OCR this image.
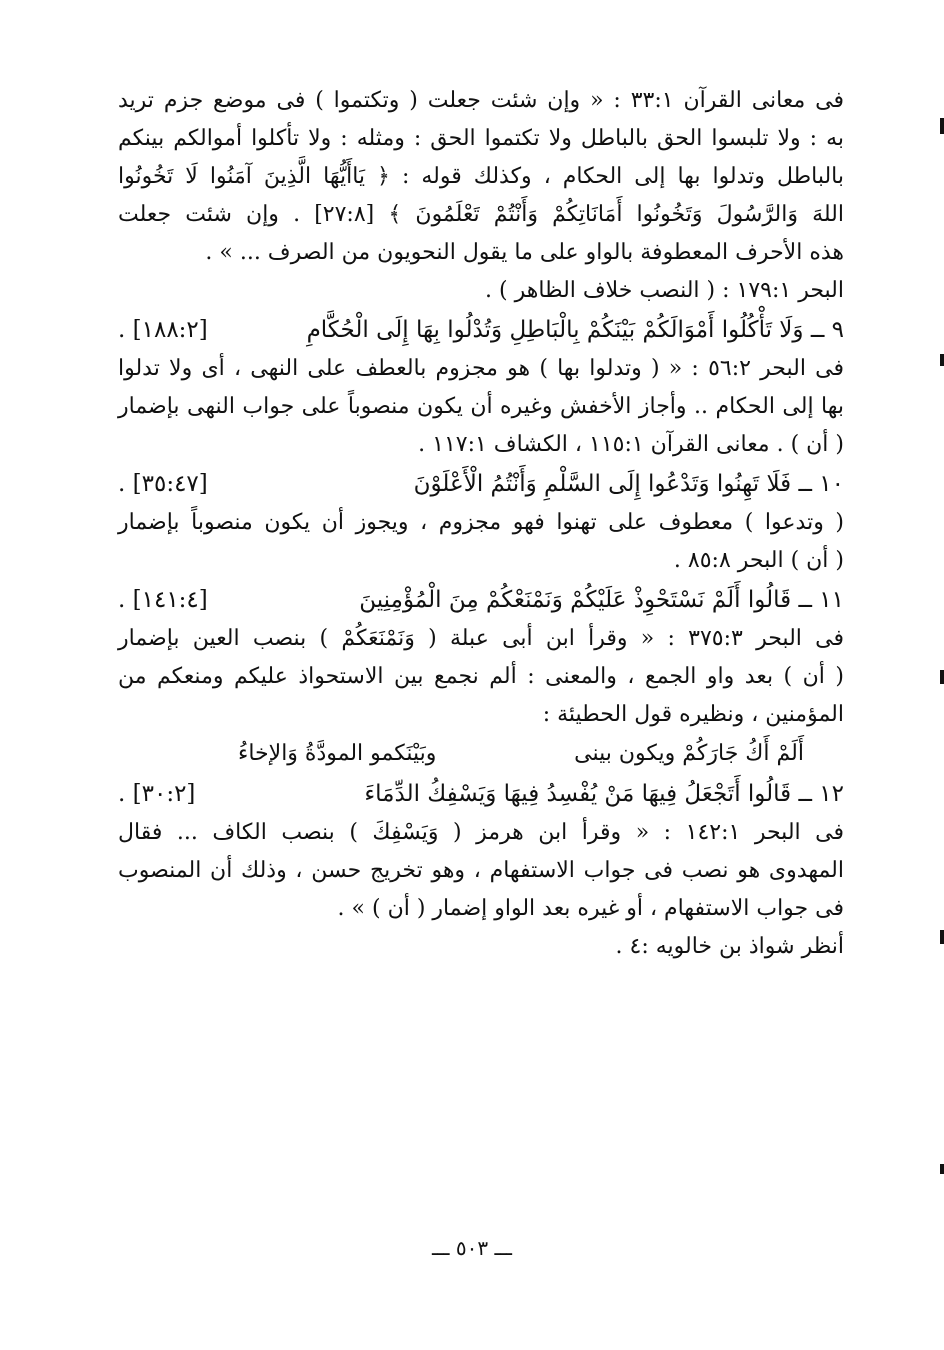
فى معانى القرآن ٣٣:١ : « وإن شئت جعلت ( وتكتموا ) فى موضع جزم تريد
به : ولا تلبسوا الحق بالباطل ولا تكتموا الحق : ومثله : ولا تأكلوا أموالكم بينكم
بالباطل وتدلوا بها إلى الحكام ، وكذلك قوله : ﴿ يَاأَيُّهَا الَّذِينَ آمَنُوا لَا تَخُونُوا
اللهَ وَالرَّسُولَ وَتَخُونُوا أَمَانَاتِكُمْ وَأَنْتُمْ تَعْلَمُونَ ﴾ [٢٧:٨] . وإن شئت جعلت
هذه الأحرف المعطوفة بالواو على ما يقول النحويون من الصرف ... » .
البحر ١٧٩:١ : ( النصب خلاف الظاهر ) .
٩ ــ وَلَا تَأْكُلُوا أَمْوَالَكُمْ بَيْنَكُمْ بِالْبَاطِلِ وَتُدْلُوا بِهَا إِلَى الْحُكَّامِ
[١٨٨:٢] .
فى البحر ٥٦:٢ : « ( وتدلوا بها ) هو مجزوم بالعطف على النهى ، أى ولا تدلوا
بها إلى الحكام .. وأجاز الأخفش وغيره أن يكون منصوباً على جواب النهى بإضمار
( أن ) . معانى القرآن ١١٥:١ ، الكشاف ١١٧:١ .
١٠ ــ فَلَا تَهِنُوا وَتَدْعُوا إِلَى السَّلْمِ وَأَنْتُمُ الْأَعْلَوْنَ
[٣٥:٤٧] .
( وتدعوا ) معطوف على تهنوا فهو مجزوم ، ويجوز أن يكون منصوباً بإضمار
( أن ) البحر ٨٥:٨ .
١١ ــ قَالُوا أَلَمْ نَسْتَحْوِذْ عَلَيْكُمْ وَنَمْنَعْكُمْ مِنَ الْمُؤْمِنِينَ
[١٤١:٤] .
فى البحر ٣٧٥:٣ : « وقرأ ابن أبى عبلة ( وَنَمْنَعَكُمْ ) بنصب العين بإضمار
( أن ) بعد واو الجمع ، والمعنى : ألم نجمع بين الاستحواذ عليكم ومنعكم من
المؤمنين ، ونظيره قول الحطيئة :
أَلَمْ أَكُ جَارَكُمْ ويكون بينى
وبَيْنَكمو المودَّةُ وَالإخاءُ
١٢ ــ قَالُوا أَتَجْعَلُ فِيهَا مَنْ يُفْسِدُ فِيهَا وَيَسْفِكُ الدِّمَاءَ
[٣٠:٢] .
فى البحر ١٤٢:١ : « وقرأ ابن هرمز ( وَيَسْفِكَ ) بنصب الكاف ... فقال
المهدوى هو نصب فى جواب الاستفهام ، وهو تخريج حسن ، وذلك أن المنصوب
فى جواب الاستفهام ، أو غيره بعد الواو إضمار ( أن ) » .
أنظر شواذ بن خالويه :٤ .
ـــ ٥٠٣ ـــ
